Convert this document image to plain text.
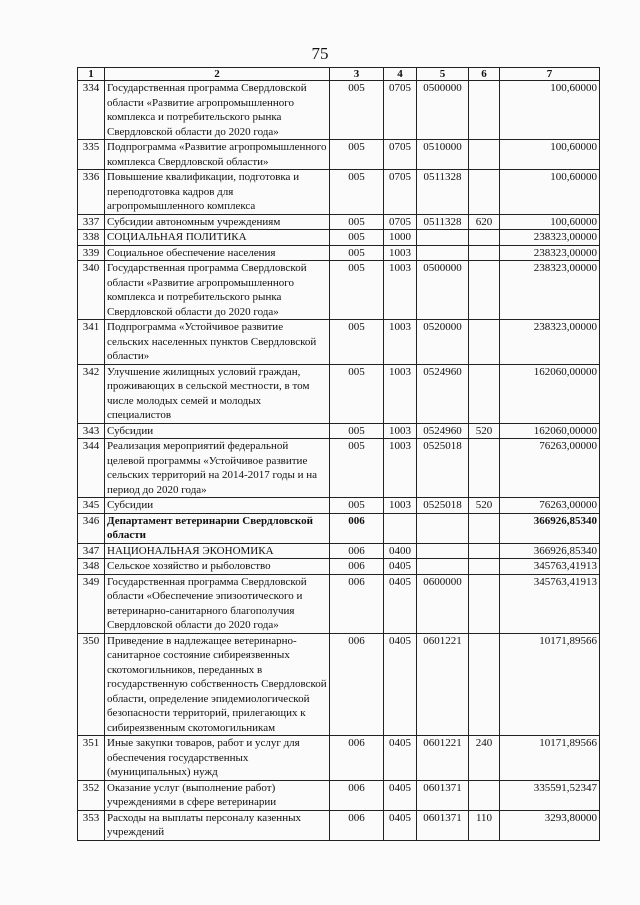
75
1	2	3	4	5	6	7
334	Государственная программа Свердловской области «Развитие агропромышленного комплекса и потребительского рынка Свердловской области до 2020 года»	005	0705	0500000		100,60000
335	Подпрограмма «Развитие агропромышленного комплекса Свердловской области»	005	0705	0510000		100,60000
336	Повышение квалификации, подготовка и переподготовка кадров для агропромышленного комплекса	005	0705	0511328		100,60000
337	Субсидии автономным учреждениям	005	0705	0511328	620	100,60000
338	СОЦИАЛЬНАЯ ПОЛИТИКА	005	1000			238323,00000
339	Социальное обеспечение населения	005	1003			238323,00000
340	Государственная программа Свердловской области «Развитие агропромышленного комплекса и потребительского рынка Свердловской области до 2020 года»	005	1003	0500000		238323,00000
341	Подпрограмма «Устойчивое развитие сельских населенных пунктов Свердловской области»	005	1003	0520000		238323,00000
342	Улучшение жилищных условий граждан, проживающих в сельской местности, в том числе молодых семей и молодых специалистов	005	1003	0524960		162060,00000
343	Субсидии	005	1003	0524960	520	162060,00000
344	Реализация мероприятий федеральной целевой программы «Устойчивое развитие сельских территорий на 2014-2017 годы и на период до 2020 года»	005	1003	0525018		76263,00000
345	Субсидии	005	1003	0525018	520	76263,00000
346	Департамент ветеринарии Свердловской области	006				366926,85340
347	НАЦИОНАЛЬНАЯ ЭКОНОМИКА	006	0400			366926,85340
348	Сельское хозяйство и рыболовство	006	0405			345763,41913
349	Государственная программа Свердловской области «Обеспечение эпизоотического и ветеринарно-санитарного благополучия Свердловской области до 2020 года»	006	0405	0600000		345763,41913
350	Приведение в надлежащее ветеринарно-санитарное состояние сибиреязвенных скотомогильников, переданных в государственную собственность Свердловской области, определение эпидемиологической безопасности территорий, прилегающих к сибиреязвенным скотомогильникам	006	0405	0601221		10171,89566
351	Иные закупки товаров, работ и услуг для обеспечения государственных (муниципальных) нужд	006	0405	0601221	240	10171,89566
352	Оказание услуг (выполнение работ) учреждениями в сфере ветеринарии	006	0405	0601371		335591,52347
353	Расходы на выплаты персоналу казенных учреждений	006	0405	0601371	110	3293,80000
